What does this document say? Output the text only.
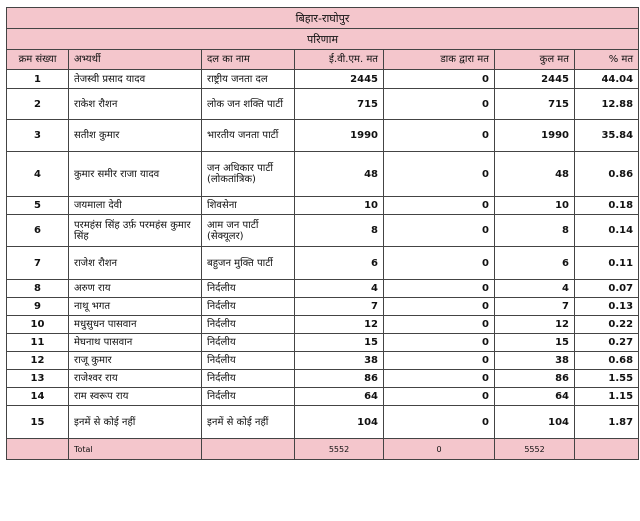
बिहार-राघोपुर						
परिणाम						
क्रम संख्या	अभ्यर्थी	दल का नाम	ई.वी.एम. मत	डाक द्वारा मत	कुल मत	% मत
1	तेजस्वी प्रसाद यादव	राष्ट्रीय जनता दल	2445	0	2445	44.04
2	राकेश रौशन	लोक जन शक्ति पार्टी	715	0	715	12.88
3	सतीश कुमार	भारतीय जनता पार्टी	1990	0	1990	35.84
4	कुमार समीर राजा यादव	जन अधिकार पार्टी (लोकतांत्रिक)	48	0	48	0.86
5	जयमाला देवी	शिवसेना	10	0	10	0.18
6	परमहंस सिंह उर्फ़ परमहंस कुमार सिंह	आम जन पार्टी (सेक्यूलर)	8	0	8	0.14
7	राजेश रौशन	बहुजन मुक्ति पार्टी	6	0	6	0.11
8	अरुण राय	निर्दलीय	4	0	4	0.07
9	नाथू भगत	निर्दलीय	7	0	7	0.13
10	मधुसुधन पासवान	निर्दलीय	12	0	12	0.22
11	मेघनाथ पासवान	निर्दलीय	15	0	15	0.27
12	राजू कुमार	निर्दलीय	38	0	38	0.68
13	राजेश्वर राय	निर्दलीय	86	0	86	1.55
14	राम स्वरूप राय	निर्दलीय	64	0	64	1.15
15	इनमें से कोई नहीं	इनमें से कोई नहीं	104	0	104	1.87
	Total		5552	0	5552	
